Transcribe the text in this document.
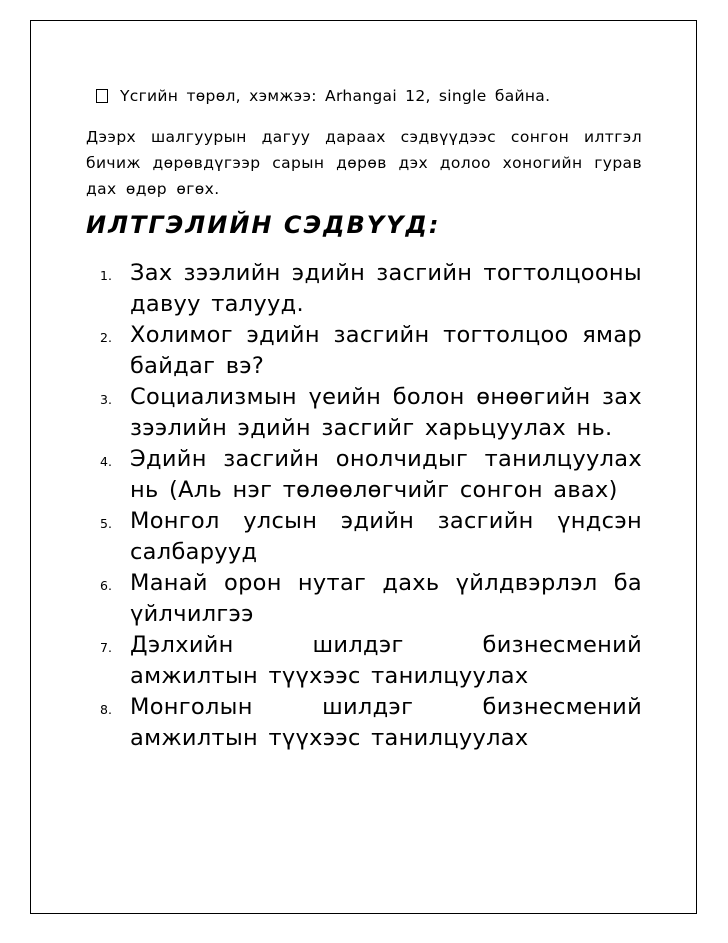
Үсгийн төрөл, хэмжээ: Arhangai 12, single байна.
Дээрх шалгуурын дагуу дараах сэдвүүдээс сонгон илтгэл бичиж дөрөвдүгээр сарын дөрөв дэх долоо хоногийн гурав дах өдөр өгөх.
ИЛТГЭЛИЙН СЭДВҮҮД:
1 . Зах зээлийн эдийн засгийн тогтолцооны давуу талууд.
2 . Холимог эдийн засгийн тогтолцоо ямар байдаг вэ?
3 . Социализмын үеийн болон өнөөгийн зах зээлийн эдийн засгийг харьцуулах нь.
4 . Эдийн засгийн онолчидыг танилцуулах нь (Аль нэг төлөөлөгчийг сонгон авах)
5 . Монгол улсын эдийн засгийн үндсэн салбарууд
6 . Манай орон нутаг дахь үйлдвэрлэл ба үйлчилгээ
7 . Дэлхийн шилдэг бизнесмений амжилтын түүхээс танилцуулах
8 . Монголын шилдэг бизнесмений амжилтын түүхээс танилцуулах
